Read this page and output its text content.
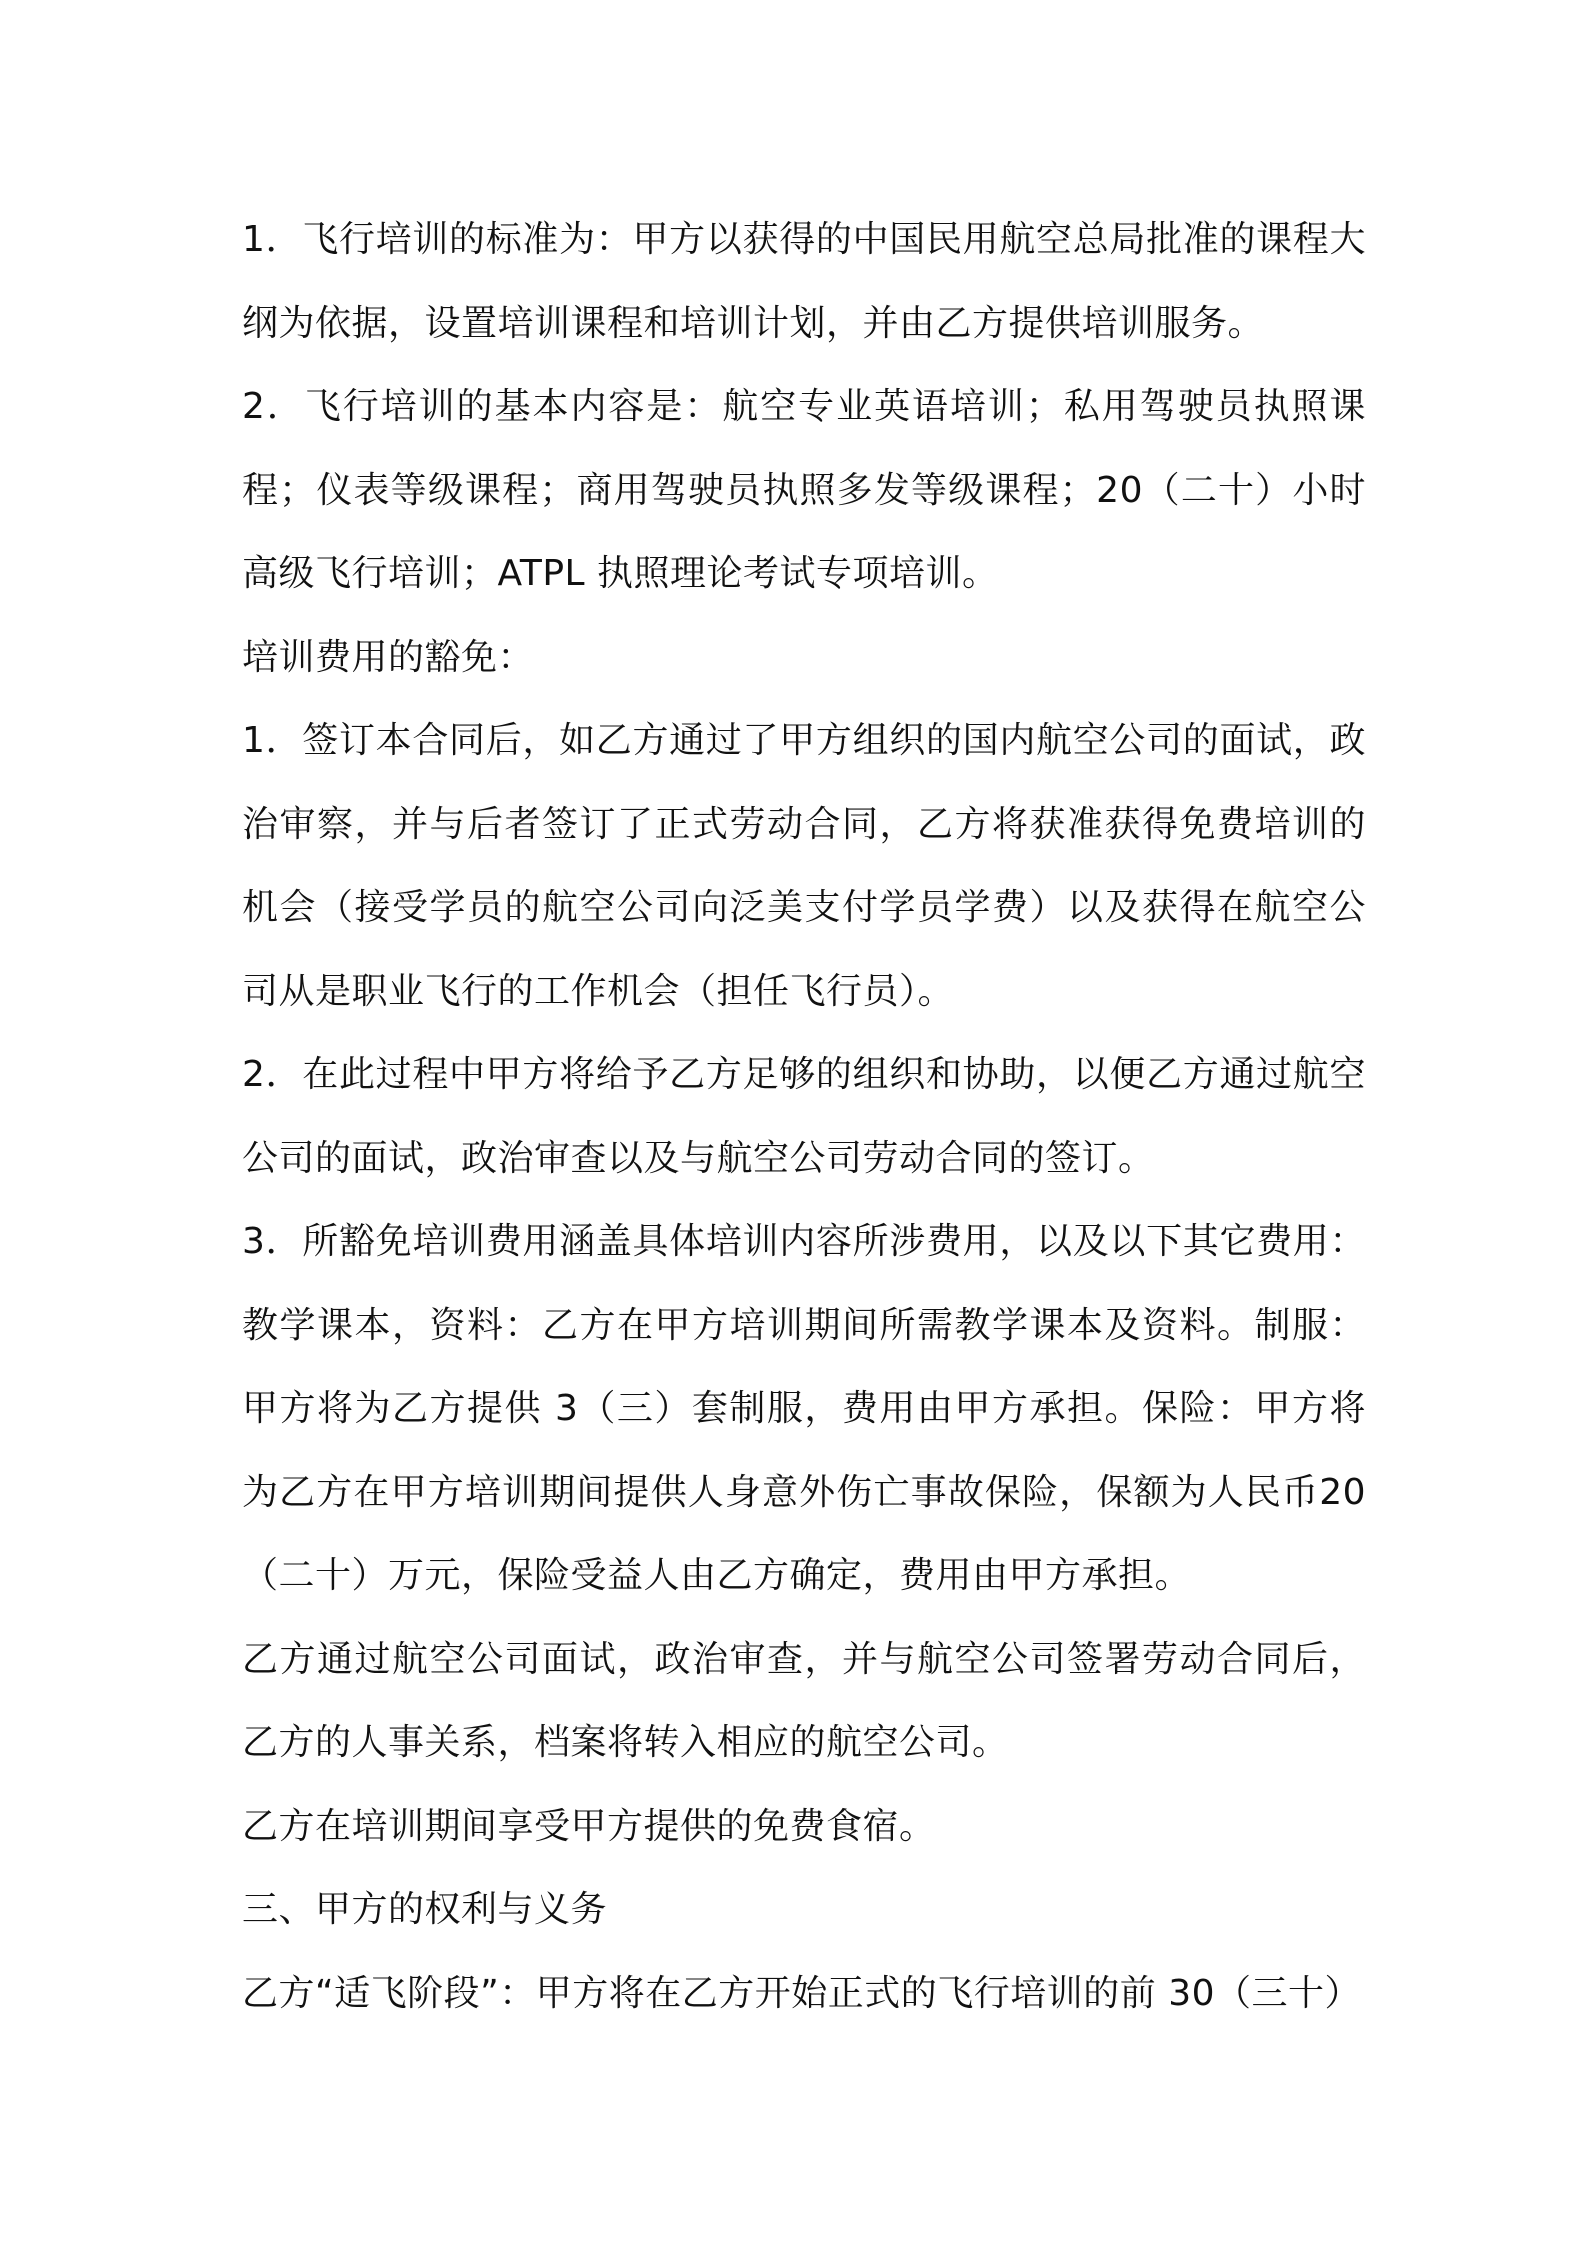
1．飞行培训的标准为：甲方以获得的中国民用航空总局批准的课程大纲为依据，设置培训课程和培训计划，并由乙方提供培训服务。

2．飞行培训的基本内容是：航空专业英语培训；私用驾驶员执照课程；仪表等级课程；商用驾驶员执照多发等级课程；20（二十）小时高级飞行培训；ATPL 执照理论考试专项培训。

培训费用的豁免：

1．签订本合同后，如乙方通过了甲方组织的国内航空公司的面试，政治审察，并与后者签订了正式劳动合同，乙方将获准获得免费培训的机会（接受学员的航空公司向泛美支付学员学费）以及获得在航空公司从是职业飞行的工作机会（担任飞行员）。

2．在此过程中甲方将给予乙方足够的组织和协助，以便乙方通过航空公司的面试，政治审查以及与航空公司劳动合同的签订。

3．所豁免培训费用涵盖具体培训内容所涉费用，以及以下其它费用：教学课本，资料：乙方在甲方培训期间所需教学课本及资料。制服：甲方将为乙方提供 3（三）套制服，费用由甲方承担。保险：甲方将为乙方在甲方培训期间提供人身意外伤亡事故保险，保额为人民币20（二十）万元，保险受益人由乙方确定，费用由甲方承担。

乙方通过航空公司面试，政治审查，并与航空公司签署劳动合同后，乙方的人事关系，档案将转入相应的航空公司。

乙方在培训期间享受甲方提供的免费食宿。

三、甲方的权利与义务

乙方“适飞阶段”：甲方将在乙方开始正式的飞行培训的前 30（三十）
